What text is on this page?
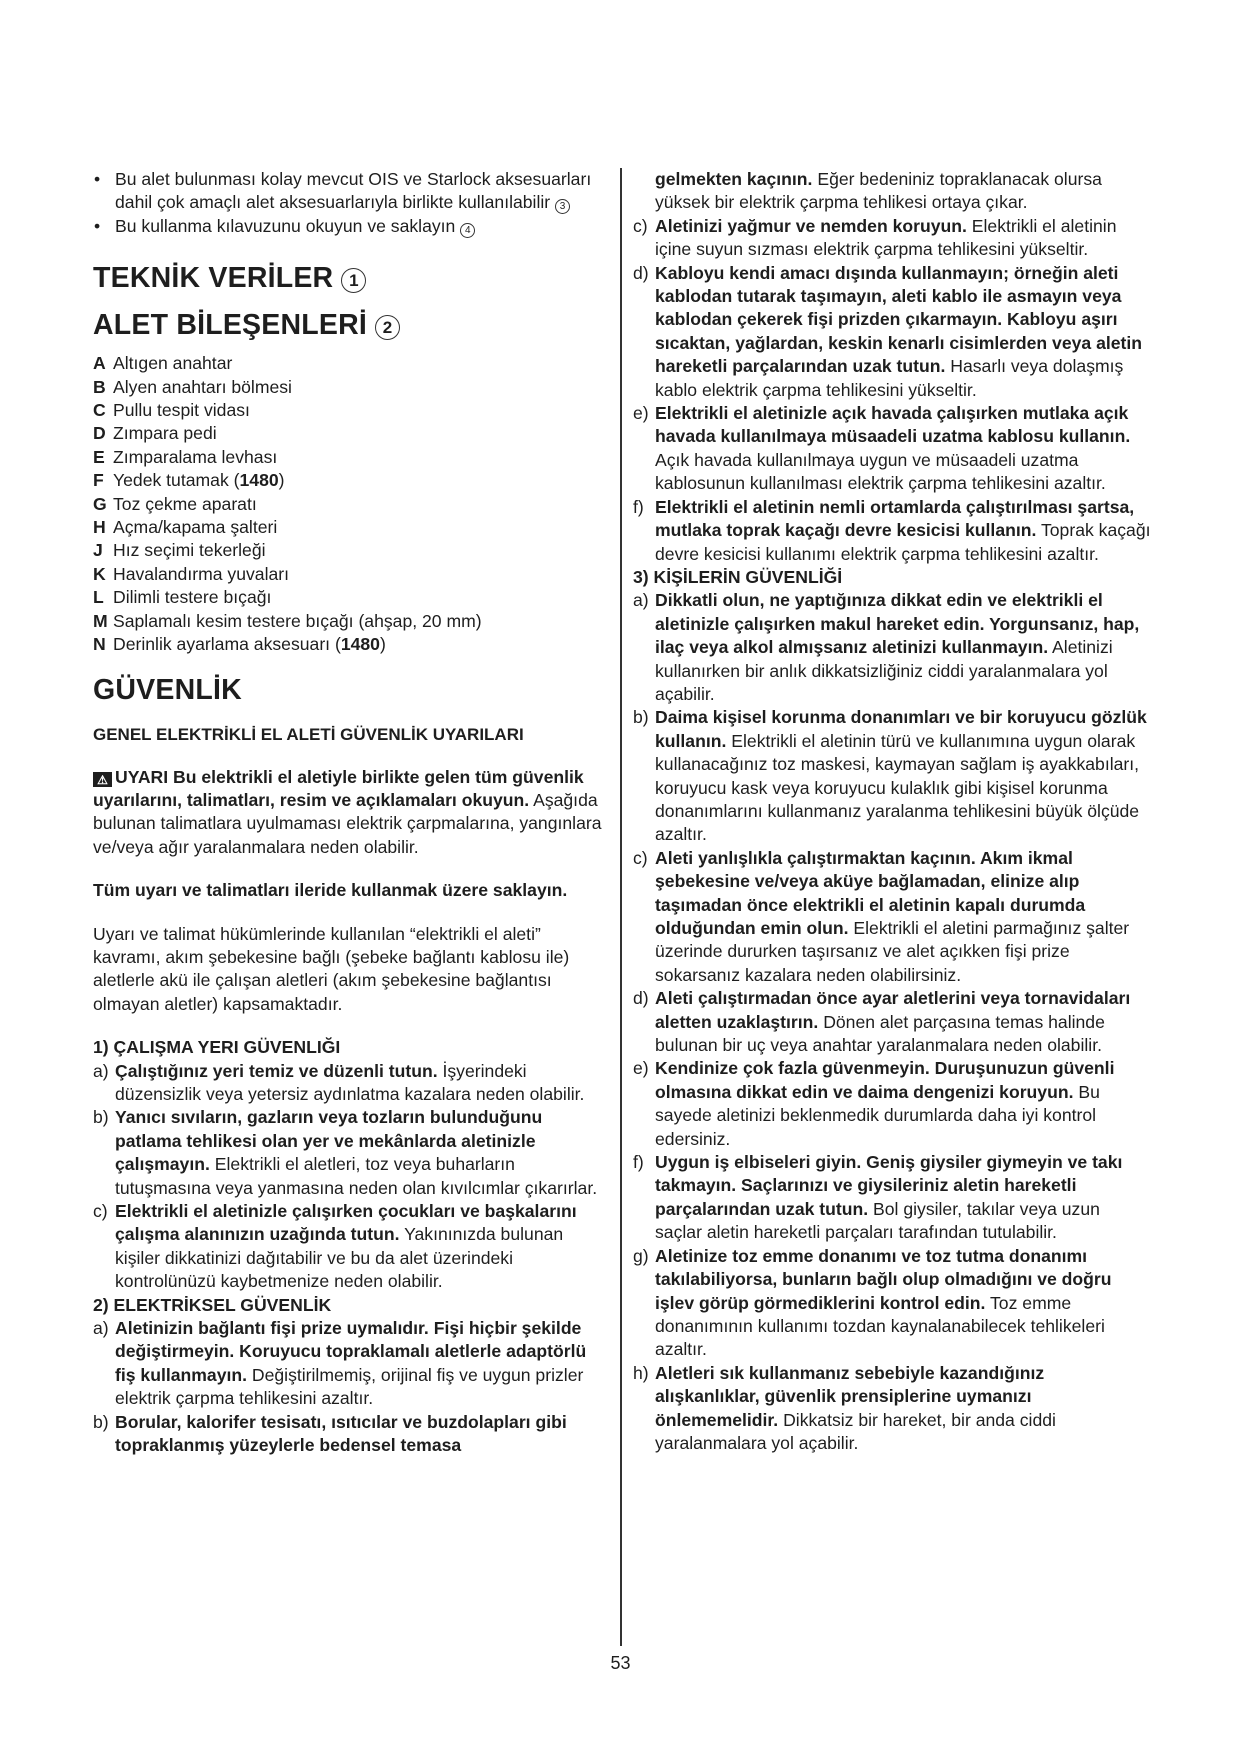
• Bu alet bulunması kolay mevcut OIS ve Starlock aksesuarları dahil çok amaçlı alet aksesuarlarıyla birlikte kullanılabilir 3
• Bu kullanma kılavuzunu okuyun ve saklayın 4
TEKNİK VERİLER 1
ALET BİLEŞENLERİ 2
A Altıgen anahtar
B Alyen anahtarı bölmesi
C Pullu tespit vidası
D Zımpara pedi
E Zımparalama levhası
F Yedek tutamak (1480)
G Toz çekme aparatı
H Açma/kapama şalteri
J Hız seçimi tekerleği
K Havalandırma yuvaları
L Dilimli testere bıçağı
M Saplamalı kesim testere bıçağı (ahşap, 20 mm)
N Derinlik ayarlama aksesuarı (1480)
GÜVENLİK
GENEL ELEKTRİKLİ EL ALETİ GÜVENLİK UYARILARI
⚠ UYARI Bu elektrikli el aletiyle birlikte gelen tüm güvenlik uyarılarını, talimatları, resim ve açıklamaları okuyun. Aşağıda bulunan talimatlara uyulmaması elektrik çarpmalarına, yangınlara ve/veya ağır yaralanmalara neden olabilir.
Tüm uyarı ve talimatları ileride kullanmak üzere saklayın.
Uyarı ve talimat hükümlerinde kullanılan “elektrikli el aleti” kavramı, akım şebekesine bağlı (şebeke bağlantı kablosu ile) aletlerle akü ile çalışan aletleri (akım şebekesine bağlantısı olmayan aletler) kapsamaktadır.
1) ÇALIŞMA YERI GÜVENLIĞI
a) Çalıştığınız yeri temiz ve düzenli tutun. İşyerindeki düzensizlik veya yetersiz aydınlatma kazalara neden olabilir.
b) Yanıcı sıvıların, gazların veya tozların bulunduğunu patlama tehlikesi olan yer ve mekânlarda aletinizle çalışmayın. Elektrikli el aletleri, toz veya buharların tutuşmasına veya yanmasına neden olan kıvılcımlar çıkarırlar.
c) Elektrikli el aletinizle çalışırken çocukları ve başkalarını çalışma alanınızın uzağında tutun. Yakınınızda bulunan kişiler dikkatinizi dağıtabilir ve bu da alet üzerindeki kontrolünüzü kaybetmenize neden olabilir.
2) ELEKTRİKSEL GÜVENLİK
a) Aletinizin bağlantı fişi prize uymalıdır. Fişi hiçbir şekilde değiştirmeyin. Koruyucu topraklamalı aletlerle adaptörlü fiş kullanmayın. Değiştirilmemiş, orijinal fiş ve uygun prizler elektrik çarpma tehlikesini azaltır.
b) Borular, kalorifer tesisatı, ısıtıcılar ve buzdolapları gibi topraklanmış yüzeylerle bedensel temasa
gelmekten kaçının. Eğer bedeniniz topraklanacak olursa yüksek bir elektrik çarpma tehlikesi ortaya çıkar.
c) Aletinizi yağmur ve nemden koruyun. Elektrikli el aletinin içine suyun sızması elektrik çarpma tehlikesini yükseltir.
d) Kabloyu kendi amacı dışında kullanmayın; örneğin aleti kablodan tutarak taşımayın, aleti kablo ile asmayın veya kablodan çekerek fişi prizden çıkarmayın. Kabloyu aşırı sıcaktan, yağlardan, keskin kenarlı cisimlerden veya aletin hareketli parçalarından uzak tutun. Hasarlı veya dolaşmış kablo elektrik çarpma tehlikesini yükseltir.
e) Elektrikli el aletinizle açık havada çalışırken mutlaka açık havada kullanılmaya müsaadeli uzatma kablosu kullanın. Açık havada kullanılmaya uygun ve müsaadeli uzatma kablosunun kullanılması elektrik çarpma tehlikesini azaltır.
f) Elektrikli el aletinin nemli ortamlarda çalıştırılması şartsa, mutlaka toprak kaçağı devre kesicisi kullanın. Toprak kaçağı devre kesicisi kullanımı elektrik çarpma tehlikesini azaltır.
3) KİŞİLERİN GÜVENLİĞİ
a) Dikkatli olun, ne yaptığınıza dikkat edin ve elektrikli el aletinizle çalışırken makul hareket edin. Yorgunsanız, hap, ilaç veya alkol almışsanız aletinizi kullanmayın. Aletinizi kullanırken bir anlık dikkatsizliğiniz ciddi yaralanmalara yol açabilir.
b) Daima kişisel korunma donanımları ve bir koruyucu gözlük kullanın. Elektrikli el aletinin türü ve kullanımına uygun olarak kullanacağınız toz maskesi, kaymayan sağlam iş ayakkabıları, koruyucu kask veya koruyucu kulaklık gibi kişisel korunma donanımlarını kullanmanız yaralanma tehlikesini büyük ölçüde azaltır.
c) Aleti yanlışlıkla çalıştırmaktan kaçının. Akım ikmal şebekesine ve/veya aküye bağlamadan, elinize alıp taşımadan önce elektrikli el aletinin kapalı durumda olduğundan emin olun. Elektrikli el aletini parmağınız şalter üzerinde dururken taşırsanız ve alet açıkken fişi prize sokarsanız kazalara neden olabilirsiniz.
d) Aleti çalıştırmadan önce ayar aletlerini veya tornavidaları aletten uzaklaştırın. Dönen alet parçasına temas halinde bulunan bir uç veya anahtar yaralanmalara neden olabilir.
e) Kendinize çok fazla güvenmeyin. Duruşunuzun güvenli olmasına dikkat edin ve daima dengenizi koruyun. Bu sayede aletinizi beklenmedik durumlarda daha iyi kontrol edersiniz.
f) Uygun iş elbiseleri giyin. Geniş giysiler giymeyin ve takı takmayın. Saçlarınızı ve giysileriniz aletin hareketli parçalarından uzak tutun. Bol giysiler, takılar veya uzun saçlar aletin hareketli parçaları tarafından tutulabilir.
g) Aletinize toz emme donanımı ve toz tutma donanımı takılabiliyorsa, bunların bağlı olup olmadığını ve doğru işlev görüp görmediklerini kontrol edin. Toz emme donanımının kullanımı tozdan kaynalanabilecek tehlikeleri azaltır.
h) Aletleri sık kullanmanız sebebiyle kazandığınız alışkanlıklar, güvenlik prensiplerine uymanızı önlememelidir. Dikkatsiz bir hareket, bir anda ciddi yaralanmalara yol açabilir.
53
